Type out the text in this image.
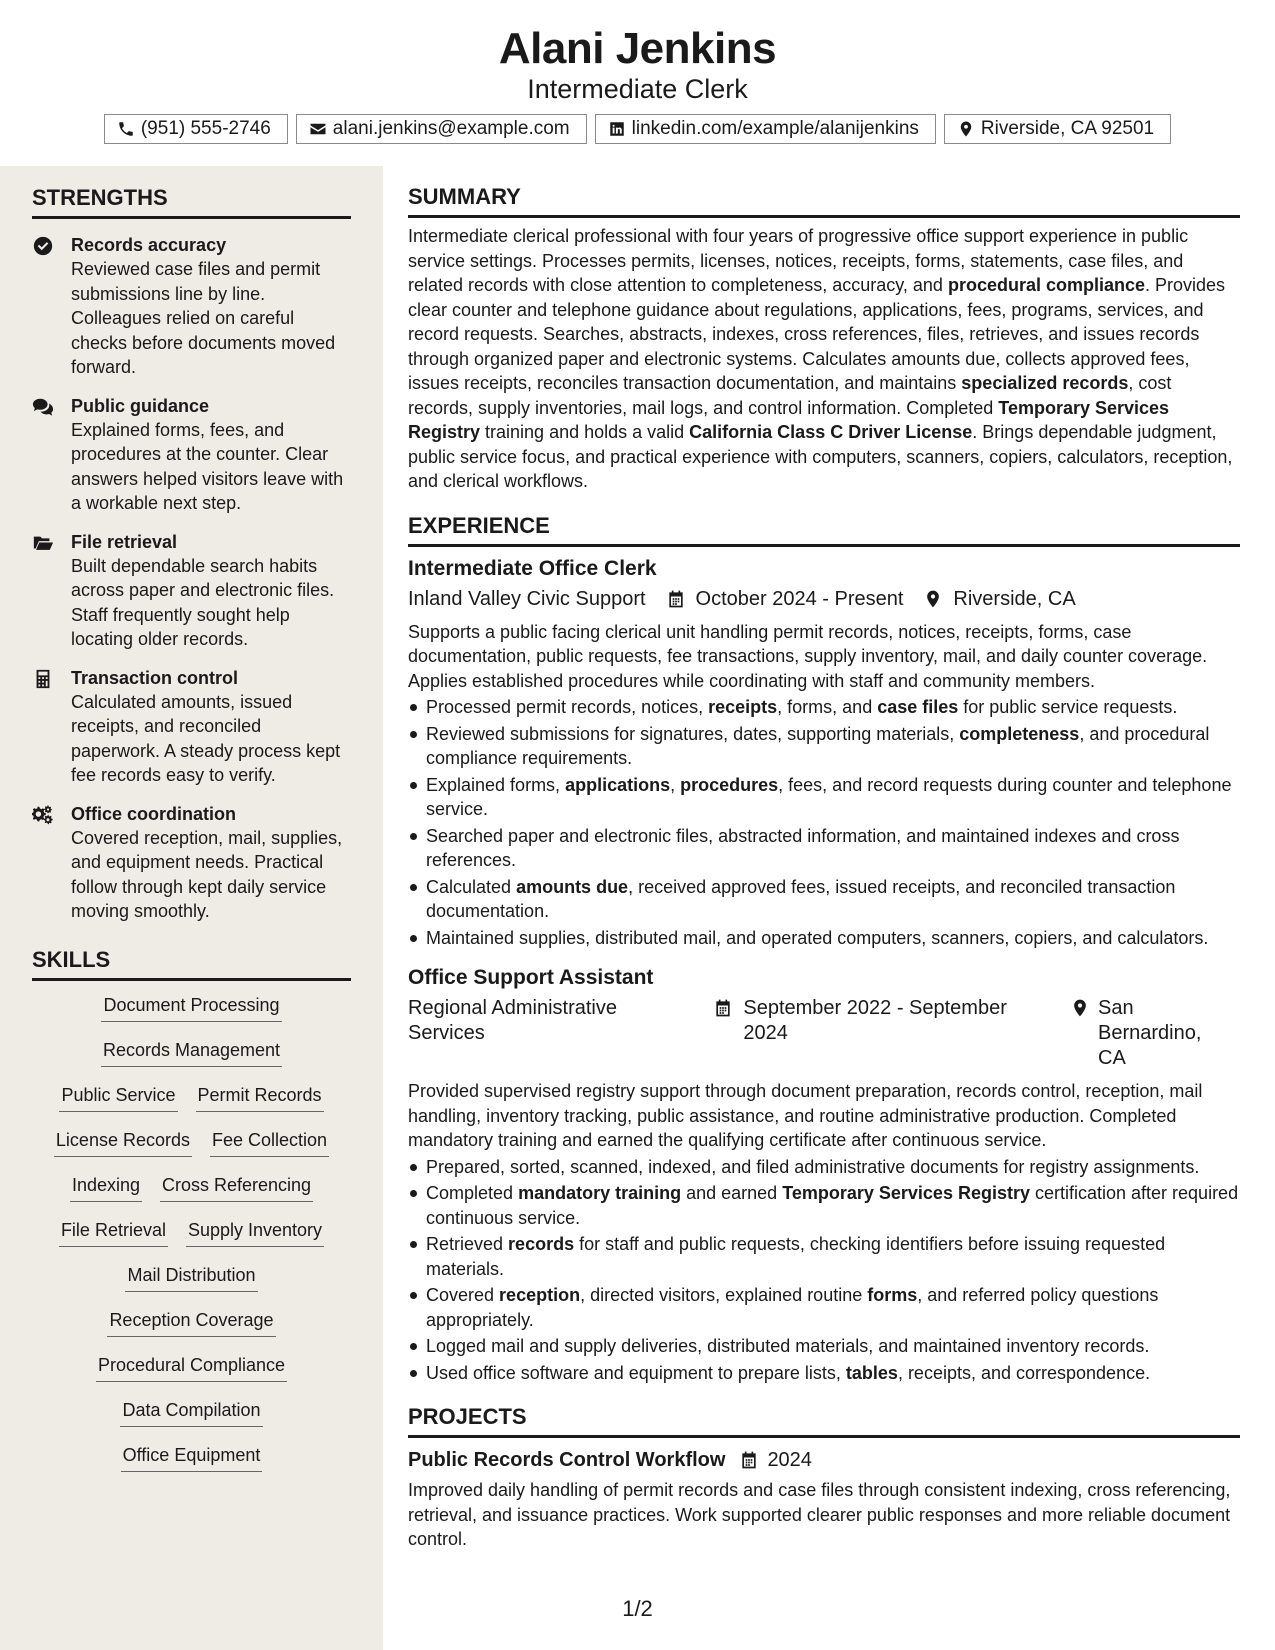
Alani Jenkins
Intermediate Clerk
(951) 555-2746	alani.jenkins@example.com	linkedin.com/example/alanijenkins	Riverside, CA 92501
STRENGTHS
Records accuracy
Reviewed case files and permit submissions line by line. Colleagues relied on careful checks before documents moved forward.
Public guidance
Explained forms, fees, and procedures at the counter. Clear answers helped visitors leave with a workable next step.
File retrieval
Built dependable search habits across paper and electronic files. Staff frequently sought help locating older records.
Transaction control
Calculated amounts, issued receipts, and reconciled paperwork. A steady process kept fee records easy to verify.
Office coordination
Covered reception, mail, supplies, and equipment needs. Practical follow through kept daily service moving smoothly.
SKILLS
Document Processing
Records Management
Public Service Permit Records
License Records Fee Collection
Indexing Cross Referencing
File Retrieval Supply Inventory
Mail Distribution
Reception Coverage
Procedural Compliance
Data Compilation
Office Equipment
SUMMARY
Intermediate clerical professional with four years of progressive office support experience in public service settings. Processes permits, licenses, notices, receipts, forms, statements, case files, and related records with close attention to completeness, accuracy, and procedural compliance. Provides clear counter and telephone guidance about regulations, applications, fees, programs, services, and record requests. Searches, abstracts, indexes, cross references, files, retrieves, and issues records through organized paper and electronic systems. Calculates amounts due, collects approved fees, issues receipts, reconciles transaction documentation, and maintains specialized records, cost records, supply inventories, mail logs, and control information. Completed Temporary Services Registry training and holds a valid California Class C Driver License. Brings dependable judgment, public service focus, and practical experience with computers, scanners, copiers, calculators, reception, and clerical workflows.
EXPERIENCE
Intermediate Office Clerk
Inland Valley Civic Support	October 2024 - Present	Riverside, CA
Supports a public facing clerical unit handling permit records, notices, receipts, forms, case documentation, public requests, fee transactions, supply inventory, mail, and daily counter coverage. Applies established procedures while coordinating with staff and community members.
Processed permit records, notices, receipts, forms, and case files for public service requests.
Reviewed submissions for signatures, dates, supporting materials, completeness, and procedural compliance requirements.
Explained forms, applications, procedures, fees, and record requests during counter and telephone service.
Searched paper and electronic files, abstracted information, and maintained indexes and cross references.
Calculated amounts due, received approved fees, issued receipts, and reconciled transaction documentation.
Maintained supplies, distributed mail, and operated computers, scanners, copiers, and calculators.
Office Support Assistant
Regional Administrative Services
September 2022 - September 2024
San Bernardino, CA
Provided supervised registry support through document preparation, records control, reception, mail handling, inventory tracking, public assistance, and routine administrative production. Completed mandatory training and earned the qualifying certificate after continuous service.
Prepared, sorted, scanned, indexed, and filed administrative documents for registry assignments.
Completed mandatory training and earned Temporary Services Registry certification after required continuous service.
Retrieved records for staff and public requests, checking identifiers before issuing requested materials.
Covered reception, directed visitors, explained routine forms, and referred policy questions appropriately.
Logged mail and supply deliveries, distributed materials, and maintained inventory records.
Used office software and equipment to prepare lists, tables, receipts, and correspondence.
PROJECTS
Public Records Control Workflow 2024
Improved daily handling of permit records and case files through consistent indexing, cross referencing, retrieval, and issuance practices. Work supported clearer public responses and more reliable document control.
1/2
